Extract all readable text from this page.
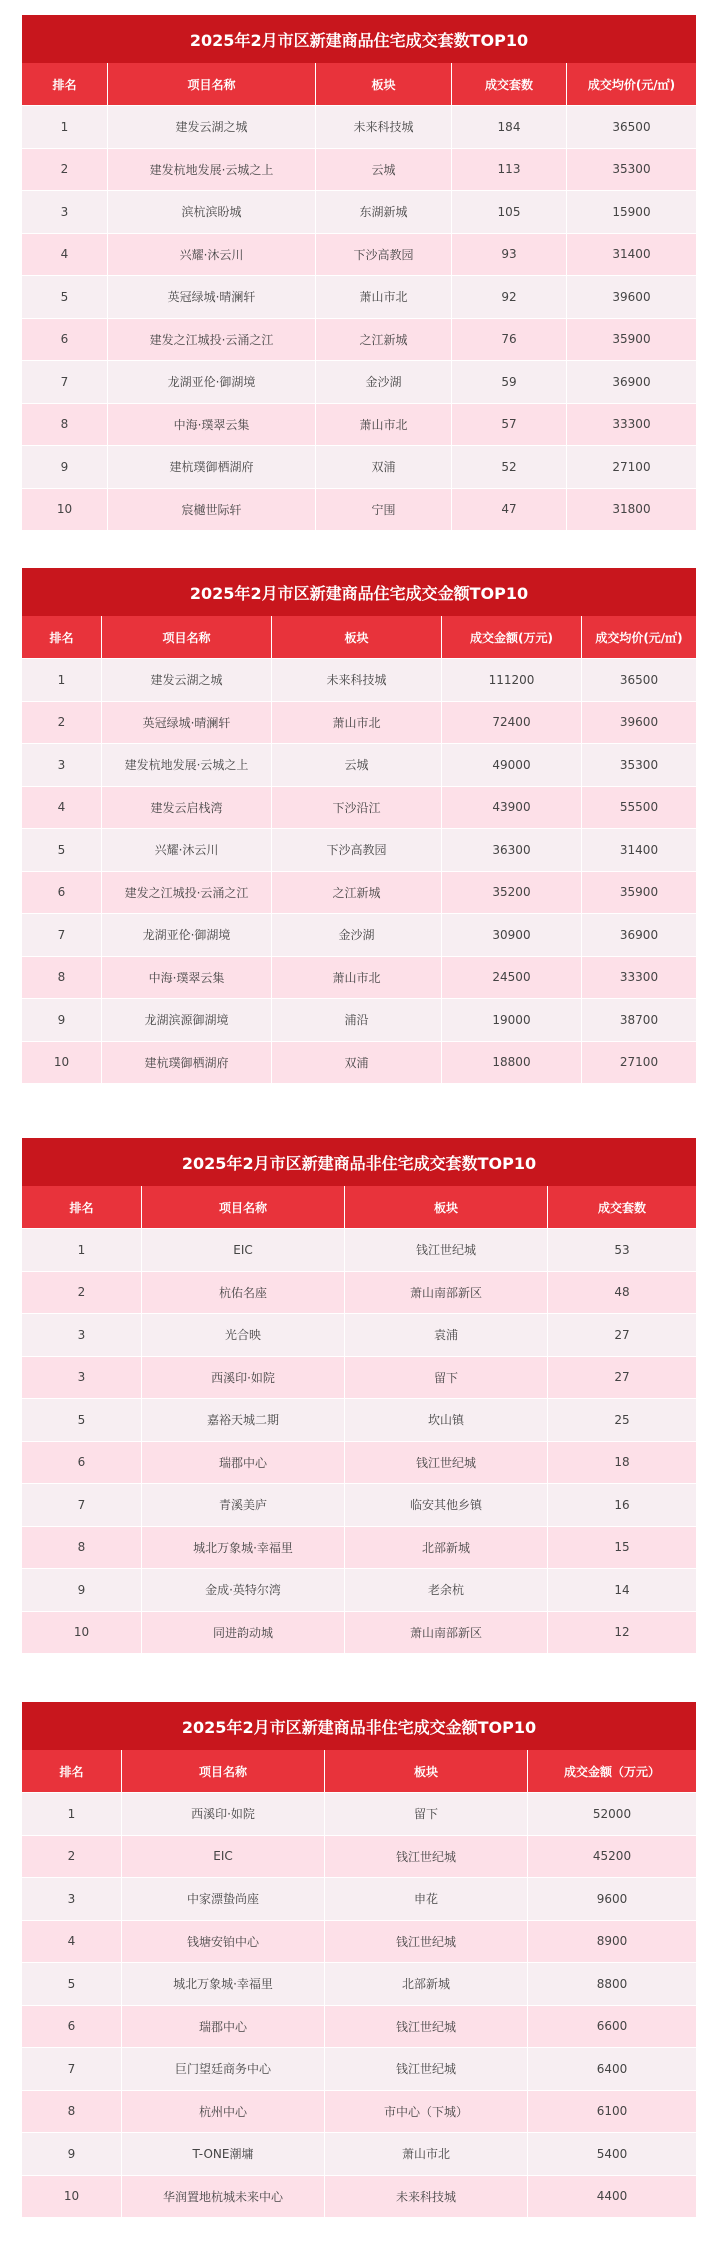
2025年2月市区新建商品住宅成交套数TOP10
排名	项目名称	板块	成交套数	成交均价(元/㎡)
1	建发云湖之城	未来科技城	184	36500
2	建发杭地发展·云城之上	云城	113	35300
3	滨杭滨盼城	东湖新城	105	15900
4	兴耀·沐云川	下沙高教园	93	31400
5	英冠绿城·晴澜轩	萧山市北	92	39600
6	建发之江城投·云涌之江	之江新城	76	35900
7	龙湖亚伦·御湖境	金沙湖	59	36900
8	中海·璞翠云集	萧山市北	57	33300
9	建杭璞御栖湖府	双浦	52	27100
10	宸樾世际轩	宁围	47	31800
2025年2月市区新建商品住宅成交金额TOP10
排名	项目名称	板块	成交金额(万元)	成交均价(元/㎡)
1	建发云湖之城	未来科技城	111200	36500
2	英冠绿城·晴澜轩	萧山市北	72400	39600
3	建发杭地发展·云城之上	云城	49000	35300
4	建发云启栈湾	下沙沿江	43900	55500
5	兴耀·沐云川	下沙高教园	36300	31400
6	建发之江城投·云涌之江	之江新城	35200	35900
7	龙湖亚伦·御湖境	金沙湖	30900	36900
8	中海·璞翠云集	萧山市北	24500	33300
9	龙湖滨源御湖境	浦沿	19000	38700
10	建杭璞御栖湖府	双浦	18800	27100
2025年2月市区新建商品非住宅成交套数TOP10
排名	项目名称	板块	成交套数
1	EIC	钱江世纪城	53
2	杭佑名座	萧山南部新区	48
3	光合映	袁浦	27
3	西溪印·如院	留下	27
5	嘉裕天城二期	坎山镇	25
6	瑞郡中心	钱江世纪城	18
7	青溪美庐	临安其他乡镇	16
8	城北万象城·幸福里	北部新城	15
9	金成·英特尔湾	老余杭	14
10	同进韵动城	萧山南部新区	12
2025年2月市区新建商品非住宅成交金额TOP10
排名	项目名称	板块	成交金额（万元）
1	西溪印·如院	留下	52000
2	EIC	钱江世纪城	45200
3	中家漂蛰尚座	申花	9600
4	钱塘安铂中心	钱江世纪城	8900
5	城北万象城·幸福里	北部新城	8800
6	瑞郡中心	钱江世纪城	6600
7	巨门望廷商务中心	钱江世纪城	6400
8	杭州中心	市中心（下城）	6100
9	T-ONE潮墉	萧山市北	5400
10	华润置地杭城未来中心	未来科技城	4400
